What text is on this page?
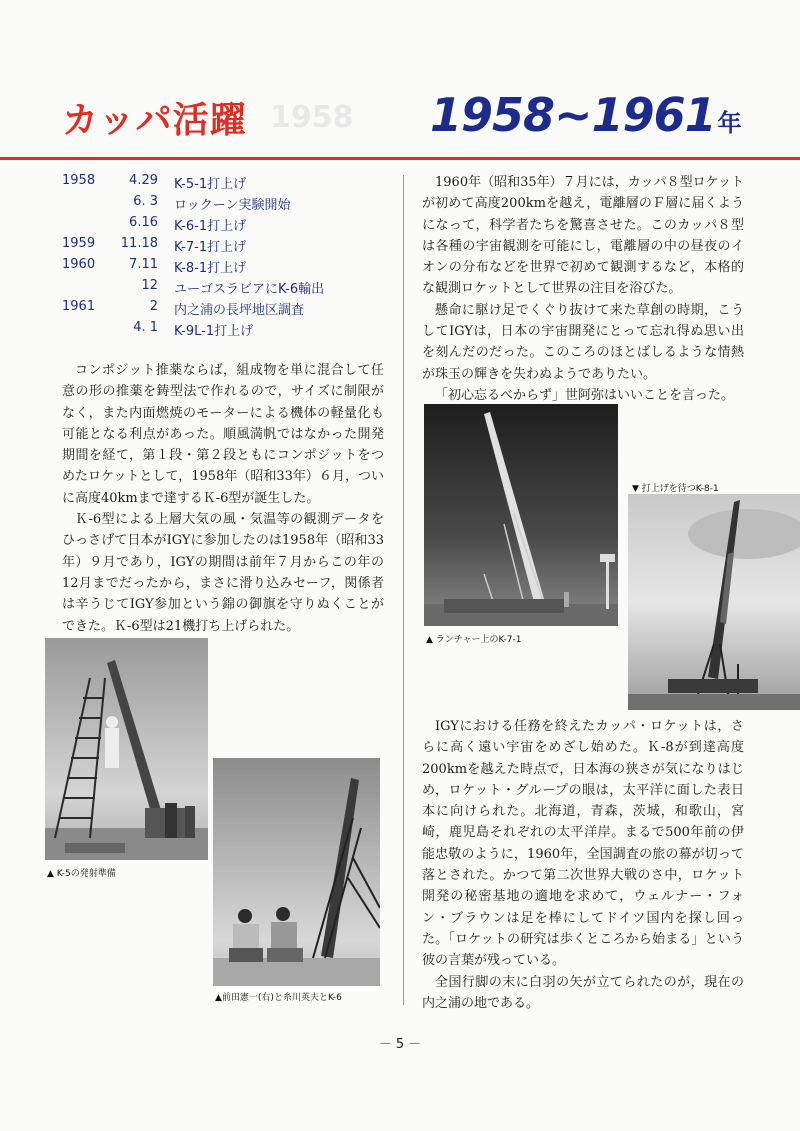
1958
カッパ活躍	1958~1961年
1958	4.29 K-5-1打上げ
6. 3 ロックーン実験開始
6.16 K-6-1打上げ
1959	11.18 K-7-1打上げ
1960	7.11 K-8-1打上げ
12 ユーゴスラビアにK-6輸出
1961	2 内之浦の長坪地区調査
4. 1 K-9L-1打上げ

コンポジット推薬ならば，組成物を単に混合して任意の形の推薬を鋳型法で作れるので，サイズに制限がなく，また内面燃焼のモーターによる機体の軽量化も可能となる利点があった。順風満帆ではなかった開発期間を経て，第１段・第２段ともにコンポジットをつめたロケットとして，1958年（昭和33年）６月，ついに高度40kmまで達するＫ-6型が誕生した。

Ｋ-6型による上層大気の風・気温等の観測データをひっさげて日本がIGYに参加したのは1958年（昭和33年）９月であり，IGYの期間は前年７月からこの年の12月までだったから，まさに滑り込みセーフ，関係者は辛うじてIGY参加という錦の御旗を守りぬくことができた。Ｋ-6型は21機打ち上げられた。

1960年（昭和35年）７月には，カッパ８型ロケットが初めて高度200kmを越え，電離層のＦ層に届くようになって，科学者たちを驚喜させた。このカッパ８型は各種の宇宙観測を可能にし，電離層の中の昼夜のイオンの分布などを世界で初めて観測するなど，本格的な観測ロケットとして世界の注目を浴びた。

懸命に駆け足でくぐり抜けて来た草創の時期，こうしてIGYは，日本の宇宙開発にとって忘れ得ぬ思い出を刻んだのだった。このころのほとばしるような情熱が珠玉の輝きを失わぬようでありたい。

「初心忘るべからず」世阿弥はいいことを言った。

IGYにおける任務を終えたカッパ・ロケットは，さらに高く遠い宇宙をめざし始めた。Ｋ-8が到達高度200kmを越えた時点で，日本海の狭さが気になりはじめ，ロケット・グループの眼は，太平洋に面した表日本に向けられた。北海道，青森，茨城，和歌山，宮崎，鹿児島それぞれの太平洋岸。まるで500年前の伊能忠敬のように，1960年，全国調査の旅の幕が切って落とされた。かつて第二次世界大戦のさ中，ロケット開発の秘密基地の適地を求めて，ウェルナー・フォン・ブラウンは足を棒にしてドイツ国内を探し回った。「ロケットの研究は歩くところから始まる」という彼の言葉が残っている。

全国行脚の末に白羽の矢が立てられたのが，現在の内之浦の地である。

▲ K-5の発射準備
▲前田憲一(右)と糸川英夫とK-6
▲ ランチャー上のK-7-1
▼ 打上げを待つK-8-1
－ 5 －
